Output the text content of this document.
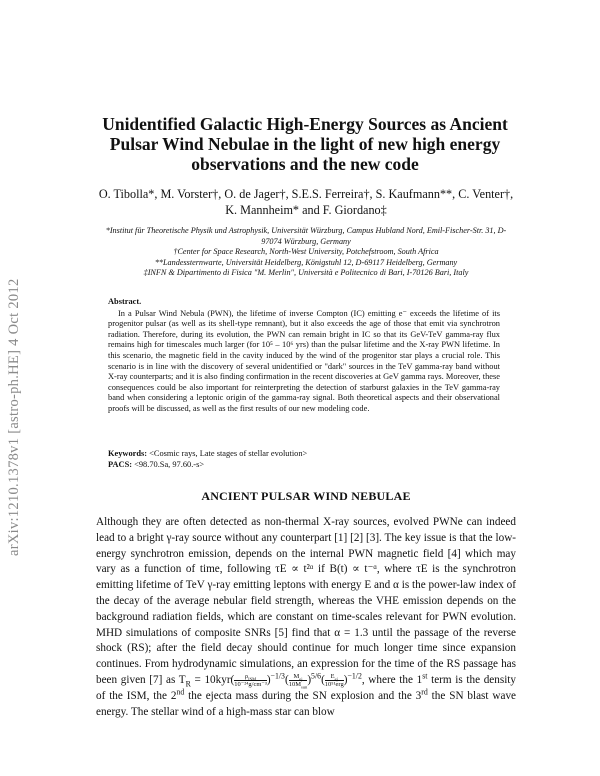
arXiv:1210.1378v1 [astro-ph.HE] 4 Oct 2012
Unidentified Galactic High-Energy Sources as Ancient Pulsar Wind Nebulae in the light of new high energy observations and the new code
O. Tibolla*, M. Vorster†, O. de Jager†, S.E.S. Ferreira†, S. Kaufmann**, C. Venter†, K. Mannheim* and F. Giordano‡
*Institut für Theoretische Physik und Astrophysik, Universität Würzburg, Campus Hubland Nord, Emil-Fischer-Str. 31, D-97074 Würzburg, Germany
†Center for Space Research, North-West University, Potchefstroom, South Africa
**Landessternwarte, Universität Heidelberg, Königstuhl 12, D-69117 Heidelberg, Germany
‡INFN & Dipartimento di Fisica "M. Merlin", Università e Politecnico di Bari, I-70126 Bari, Italy
Abstract.

In a Pulsar Wind Nebula (PWN), the lifetime of inverse Compton (IC) emitting e⁻ exceeds the lifetime of its progenitor pulsar (as well as its shell-type remnant), but it also exceeds the age of those that emit via synchrotron radiation. Therefore, during its evolution, the PWN can remain bright in IC so that its GeV-TeV gamma-ray flux remains high for timescales much larger (for 10⁵ – 10⁶ yrs) than the pulsar lifetime and the X-ray PWN lifetime. In this scenario, the magnetic field in the cavity induced by the wind of the progenitor star plays a crucial role. This scenario is in line with the discovery of several unidentified or "dark" sources in the TeV gamma-ray band without X-ray counterparts; and it is also finding confirmation in the recent discoveries at GeV gamma rays. Moreover, these consequences could be also important for reinterpreting the detection of starburst galaxies in the TeV gamma-ray band when considering a leptonic origin of the gamma-ray signal. Both theoretical aspects and their observational proofs will be discussed, as well as the first results of our new modeling code.

Keywords: <Cosmic rays, Late stages of stellar evolution>
PACS: <98.70.Sa, 97.60.-s>
ANCIENT PULSAR WIND NEBULAE

Although they are often detected as non-thermal X-ray sources, evolved PWNe can indeed lead to a bright γ-ray source without any counterpart [1] [2] [3]. The key issue is that the low-energy synchrotron emission, depends on the internal PWN magnetic field [4] which may vary as a function of time, following τE ∝ t²ᵅ if B(t) ∝ t⁻ᵅ, where τE is the synchrotron emitting lifetime of TeV γ-ray emitting leptons with energy E and α is the power-law index of the decay of the average nebular field strength, whereas the VHE emission depends on the background radiation fields, which are constant on time-scales relevant for PWN evolution. MHD simulations of composite SNRs [5] find that α = 1.3 until the passage of the reverse shock (RS); after the field decay should continue for much longer time since expansion continues. From hydrodynamic simulations, an expression for the time of the RS passage has been given [7] as $T_R = 10kyr( \frac{\rho_{ISM}}{\text{10⁻²⁴g/cm⁻³}} )^{-1/3}( \frac{M_{ej}}{10M_{sun}} )^{5/6}( \frac{E_{ej}}{\text{10⁵¹erg}} )^{-1/2}$, where the 1st term is the density of the ISM, the 2nd the ejecta mass during the SN explosion and the 3rd the SN blast wave energy. The stellar wind of a high-mass star can blow
